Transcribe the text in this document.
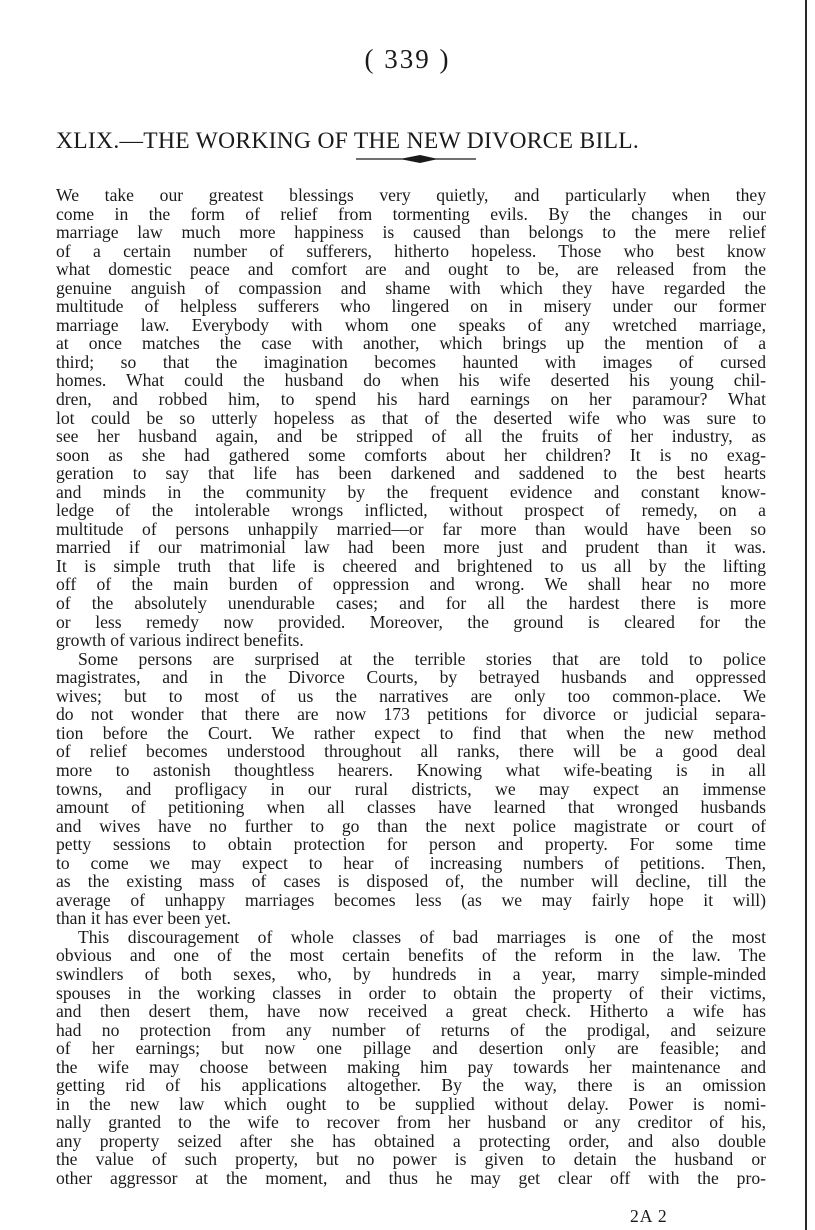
( 339 )
XLIX.—THE WORKING OF THE NEW DIVORCE BILL.
We take our greatest blessings very quietly, and particularly when they
come in the form of relief from tormenting evils. By the changes in our
marriage law much more happiness is caused than belongs to the mere relief
of a certain number of sufferers, hitherto hopeless. Those who best know
what domestic peace and comfort are and ought to be, are released from the
genuine anguish of compassion and shame with which they have regarded the
multitude of helpless sufferers who lingered on in misery under our former
marriage law. Everybody with whom one speaks of any wretched marriage,
at once matches the case with another, which brings up the mention of a
third; so that the imagination becomes haunted with images of cursed
homes. What could the husband do when his wife deserted his young chil-
dren, and robbed him, to spend his hard earnings on her paramour? What
lot could be so utterly hopeless as that of the deserted wife who was sure to
see her husband again, and be stripped of all the fruits of her industry, as
soon as she had gathered some comforts about her children? It is no exag-
geration to say that life has been darkened and saddened to the best hearts
and minds in the community by the frequent evidence and constant know-
ledge of the intolerable wrongs inflicted, without prospect of remedy, on a
multitude of persons unhappily married—or far more than would have been so
married if our matrimonial law had been more just and prudent than it was.
It is simple truth that life is cheered and brightened to us all by the lifting
off of the main burden of oppression and wrong. We shall hear no more
of the absolutely unendurable cases; and for all the hardest there is more
or less remedy now provided. Moreover, the ground is cleared for the
growth of various indirect benefits.
Some persons are surprised at the terrible stories that are told to police
magistrates, and in the Divorce Courts, by betrayed husbands and oppressed
wives; but to most of us the narratives are only too common-place. We
do not wonder that there are now 173 petitions for divorce or judicial separa-
tion before the Court. We rather expect to find that when the new method
of relief becomes understood throughout all ranks, there will be a good deal
more to astonish thoughtless hearers. Knowing what wife-beating is in all
towns, and profligacy in our rural districts, we may expect an immense
amount of petitioning when all classes have learned that wronged husbands
and wives have no further to go than the next police magistrate or court of
petty sessions to obtain protection for person and property. For some time
to come we may expect to hear of increasing numbers of petitions. Then,
as the existing mass of cases is disposed of, the number will decline, till the
average of unhappy marriages becomes less (as we may fairly hope it will)
than it has ever been yet.
This discouragement of whole classes of bad marriages is one of the most
obvious and one of the most certain benefits of the reform in the law. The
swindlers of both sexes, who, by hundreds in a year, marry simple-minded
spouses in the working classes in order to obtain the property of their victims,
and then desert them, have now received a great check. Hitherto a wife has
had no protection from any number of returns of the prodigal, and seizure
of her earnings; but now one pillage and desertion only are feasible; and
the wife may choose between making him pay towards her maintenance and
getting rid of his applications altogether. By the way, there is an omission
in the new law which ought to be supplied without delay. Power is nomi-
nally granted to the wife to recover from her husband or any creditor of his,
any property seized after she has obtained a protecting order, and also double
the value of such property, but no power is given to detain the husband or
other aggressor at the moment, and thus he may get clear off with the pro-
2A 2
